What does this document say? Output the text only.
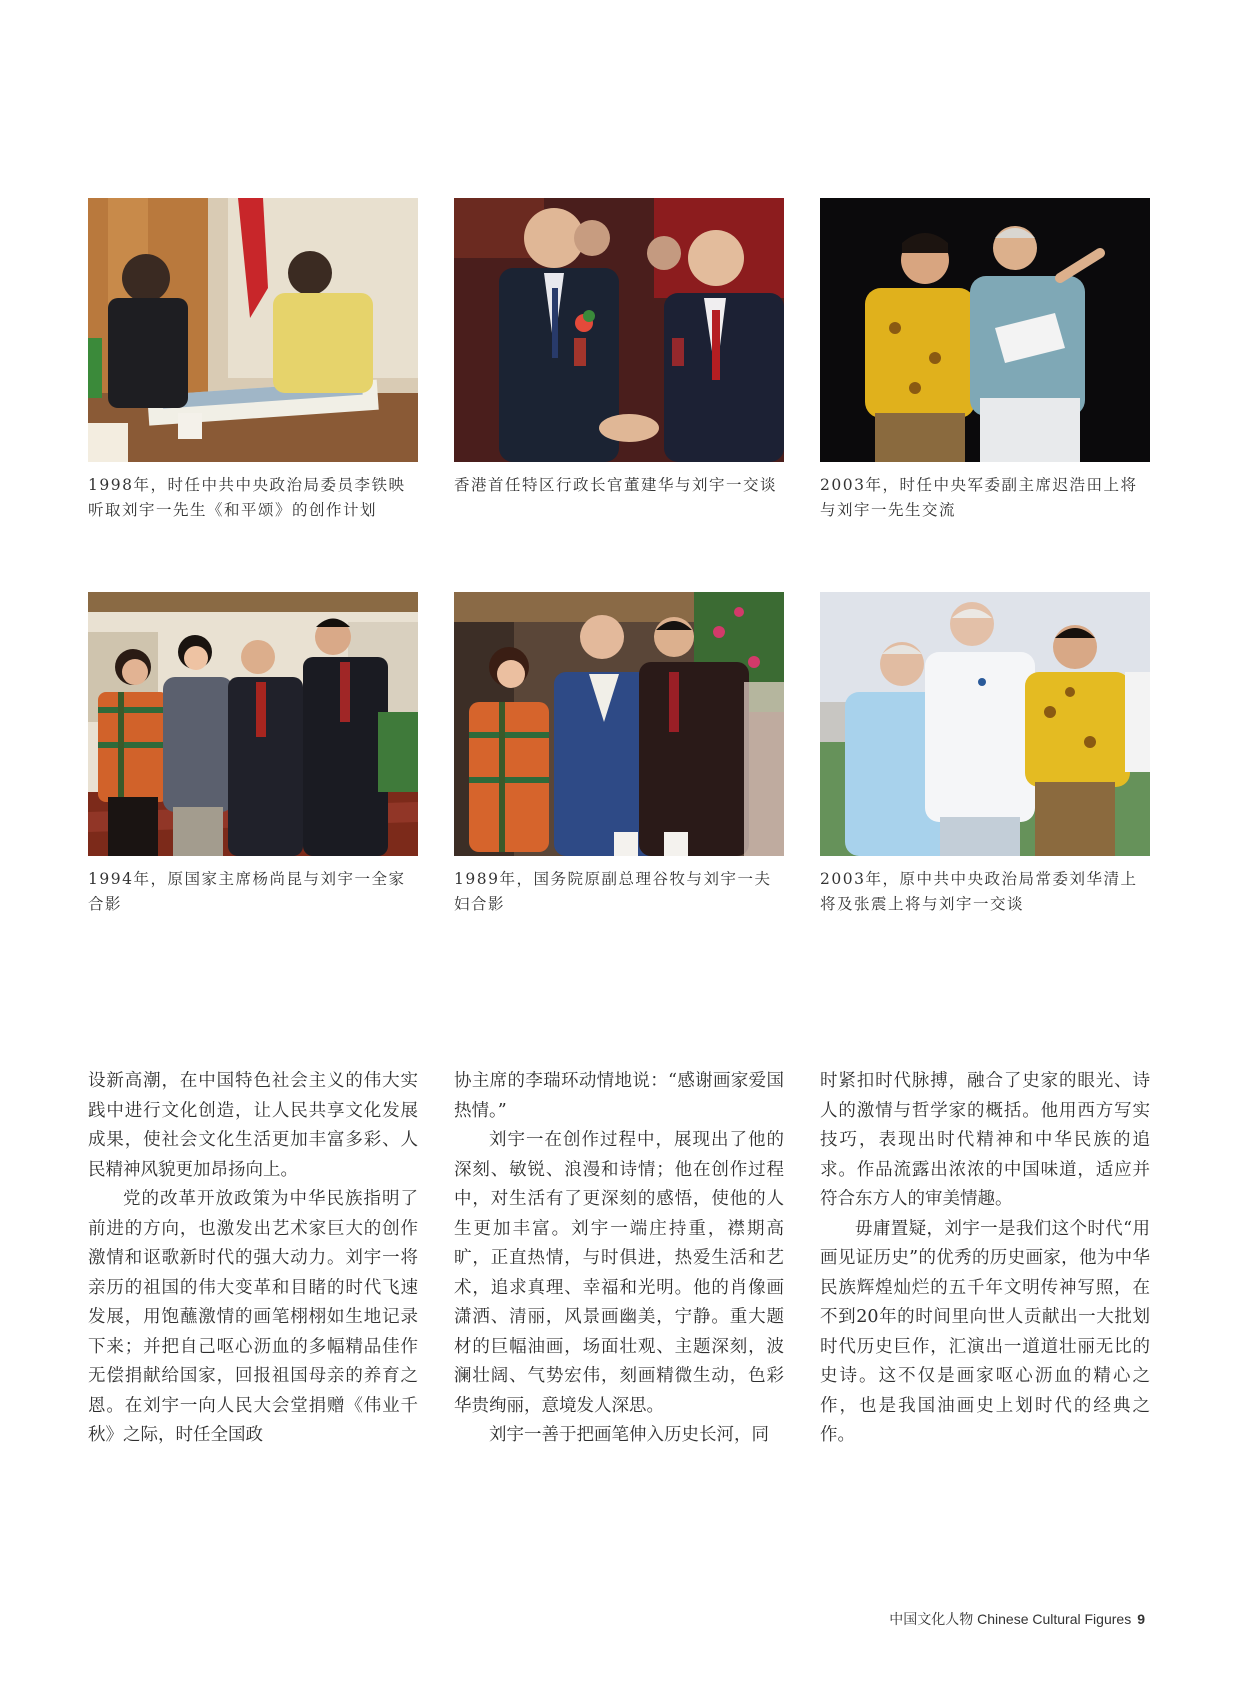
1998年，时任中共中央政治局委员李铁映听取刘宇一先生《和平颂》的创作计划
香港首任特区行政长官董建华与刘宇一交谈	2003年，时任中央军委副主席迟浩田上将与刘宇一先生交流
1994年，原国家主席杨尚昆与刘宇一全家合影
1989年，国务院原副总理谷牧与刘宇一夫妇合影
2003年，原中共中央政治局常委刘华清上将及张震上将与刘宇一交谈

设新高潮，在中国特色社会主义的伟大实践中进行文化创造，让人民共享文化发展成果，使社会文化生活更加丰富多彩、人民精神风貌更加昂扬向上。

党的改革开放政策为中华民族指明了前进的方向，也激发出艺术家巨大的创作激情和讴歌新时代的强大动力。刘宇一将亲历的祖国的伟大变革和目睹的时代飞速发展，用饱蘸激情的画笔栩栩如生地记录下来；并把自己呕心沥血的多幅精品佳作无偿捐献给国家，回报祖国母亲的养育之恩。在刘宇一向人民大会堂捐赠《伟业千秋》之际，时任全国政

协主席的李瑞环动情地说：“感谢画家爱国热情。”

刘宇一在创作过程中，展现出了他的深刻、敏锐、浪漫和诗情；他在创作过程中，对生活有了更深刻的感悟，使他的人生更加丰富。刘宇一端庄持重，襟期高旷，正直热情，与时俱进，热爱生活和艺术，追求真理、幸福和光明。他的肖像画潇洒、清丽，风景画幽美，宁静。重大题材的巨幅油画，场面壮观、主题深刻，波澜壮阔、气势宏伟，刻画精微生动，色彩华贵绚丽，意境发人深思。

刘宇一善于把画笔伸入历史长河，同

时紧扣时代脉搏，融合了史家的眼光、诗人的激情与哲学家的概括。他用西方写实技巧，表现出时代精神和中华民族的追求。作品流露出浓浓的中国味道，适应并符合东方人的审美情趣。

毋庸置疑，刘宇一是我们这个时代“用画见证历史”的优秀的历史画家，他为中华民族辉煌灿烂的五千年文明传神写照，在不到20年的时间里向世人贡献出一大批划时代历史巨作，汇演出一道道壮丽无比的史诗。这不仅是画家呕心沥血的精心之作，也是我国油画史上划时代的经典之作。

中国文化人物 Chinese Cultural Figures 9
